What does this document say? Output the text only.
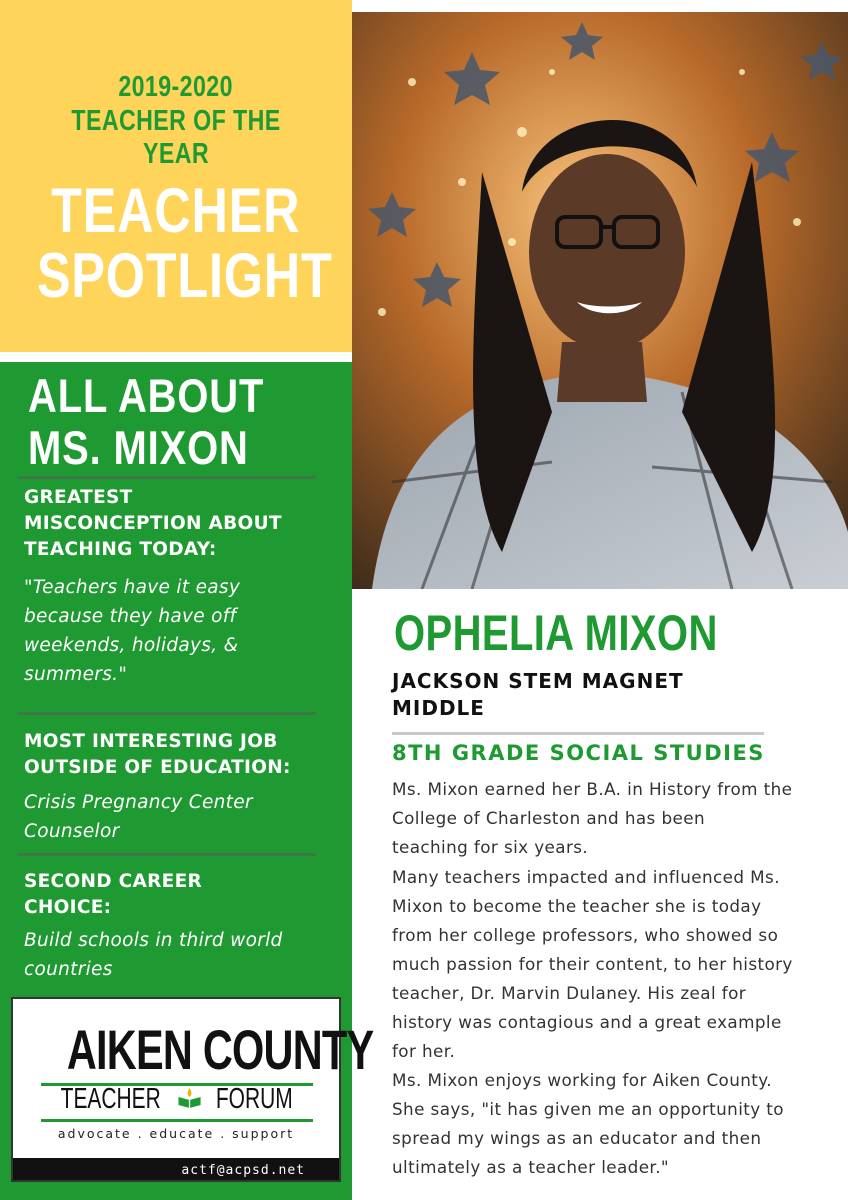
2019-2020
TEACHER OF THE YEAR
TEACHER
SPOTLIGHT
ALL ABOUT
MS. MIXON
GREATEST
MISCONCEPTION ABOUT
TEACHING TODAY:
"Teachers have it easy
because they have off
weekends, holidays, &
summers."
MOST INTERESTING JOB
OUTSIDE OF EDUCATION:
Crisis Pregnancy Center
Counselor
SECOND CAREER
CHOICE:
Build schools in third world
countries
AIKEN COUNTY
TEACHER FORUM
advocate . educate . support
actf@acpsd.net
OPHELIA MIXON
JACKSON STEM MAGNET
MIDDLE
8TH GRADE SOCIAL STUDIES
Ms. Mixon earned her B.A. in History from the
College of Charleston and has been
teaching for six years.
Many teachers impacted and influenced Ms.
Mixon to become the teacher she is today
from her college professors, who showed so
much passion for their content, to her history
teacher, Dr. Marvin Dulaney. His zeal for
history was contagious and a great example
for her.
Ms. Mixon enjoys working for Aiken County.
She says, "it has given me an opportunity to
spread my wings as an educator and then
ultimately as a teacher leader."
